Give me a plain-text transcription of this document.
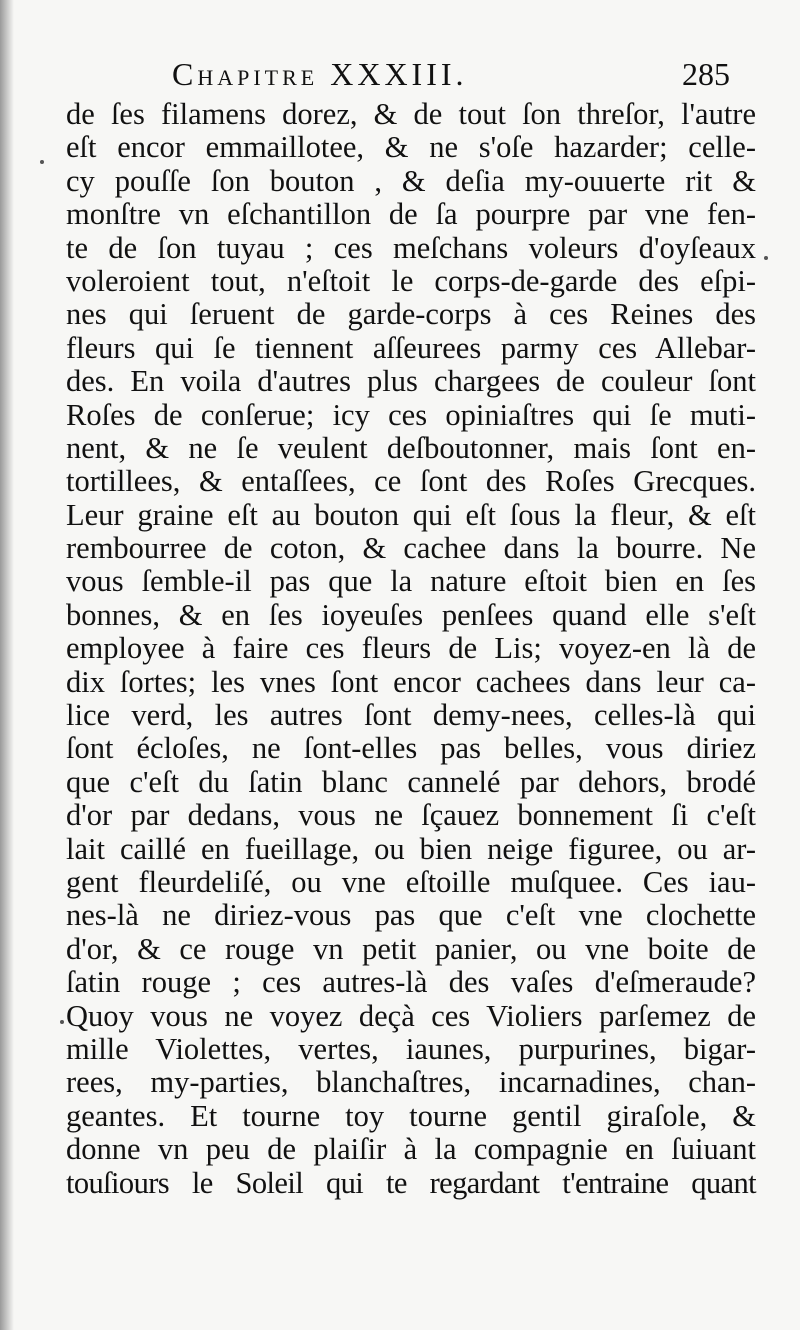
Chapitre XXXIII.	285
de ſes filamens dorez, & de tout ſon threſor, l'autre
eſt encor emmaillotee, & ne s'oſe hazarder; celle-
cy pouſſe ſon bouton , & deſia my-ouuerte rit &
monſtre vn eſchantillon de ſa pourpre par vne fen-
te de ſon tuyau ; ces meſchans voleurs d'oyſeaux
voleroient tout, n'eſtoit le corps-de-garde des eſpi-
nes qui ſeruent de garde-corps à ces Reines des
fleurs qui ſe tiennent aſſeurees parmy ces Allebar-
des. En voila d'autres plus chargees de couleur ſont
Roſes de conſerue; icy ces opiniaſtres qui ſe muti-
nent, & ne ſe veulent deſboutonner, mais ſont en-
tortillees, & entaſſees, ce ſont des Roſes Grecques.
Leur graine eſt au bouton qui eſt ſous la fleur, & eſt
rembourree de coton, & cachee dans la bourre. Ne
vous ſemble-il pas que la nature eſtoit bien en ſes
bonnes, & en ſes ioyeuſes penſees quand elle s'eſt
employee à faire ces fleurs de Lis; voyez-en là de
dix ſortes; les vnes ſont encor cachees dans leur ca-
lice verd, les autres ſont demy-nees, celles-là qui
ſont écloſes, ne ſont-elles pas belles, vous diriez
que c'eſt du ſatin blanc cannelé par dehors, brodé
d'or par dedans, vous ne ſçauez bonnement ſi c'eſt
lait caillé en fueillage, ou bien neige figuree, ou ar-
gent fleurdeliſé, ou vne eſtoille muſquee. Ces iau-
nes-là ne diriez-vous pas que c'eſt vne clochette
d'or, & ce rouge vn petit panier, ou vne boite de
ſatin rouge ; ces autres-là des vaſes d'eſmeraude?
Quoy vous ne voyez deçà ces Violiers parſemez de
mille Violettes, vertes, iaunes, purpurines, bigar-
rees, my-parties, blanchaſtres, incarnadines, chan-
geantes. Et tourne toy tourne gentil giraſole, &
donne vn peu de plaiſir à la compagnie en ſuiuant
touſiours le Soleil qui te regardant t'entraine quant
